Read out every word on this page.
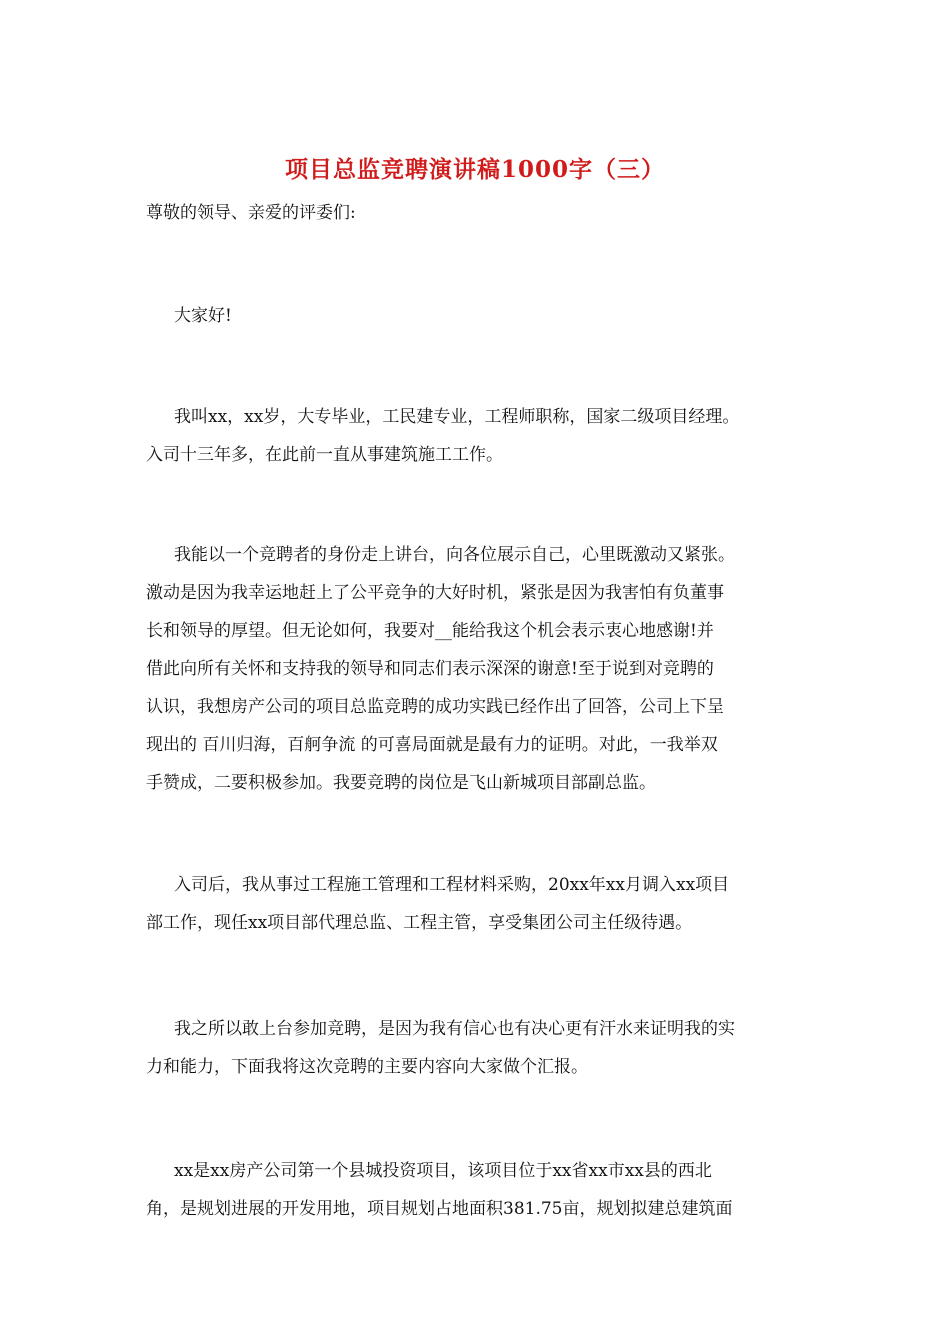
项目总监竞聘演讲稿1000字（三）
尊敬的领导、亲爱的评委们:
大家好!
我叫xx，xx岁，大专毕业，工民建专业，工程师职称，国家二级项目经理。
入司十三年多，在此前一直从事建筑施工工作。
我能以一个竞聘者的身份走上讲台，向各位展示自己，心里既激动又紧张。
激动是因为我幸运地赶上了公平竞争的大好时机，紧张是因为我害怕有负董事
长和领导的厚望。但无论如何，我要对__能给我这个机会表示衷心地感谢!并
借此向所有关怀和支持我的领导和同志们表示深深的谢意!至于说到对竞聘的
认识，我想房产公司的项目总监竞聘的成功实践已经作出了回答，公司上下呈
现出的 百川归海，百舸争流 的可喜局面就是最有力的证明。对此，一我举双
手赞成，二要积极参加。我要竞聘的岗位是飞山新城项目部副总监。
入司后，我从事过工程施工管理和工程材料采购，20xx年xx月调入xx项目
部工作，现任xx项目部代理总监、工程主管，享受集团公司主任级待遇。
我之所以敢上台参加竞聘，是因为我有信心也有决心更有汗水来证明我的实
力和能力，下面我将这次竞聘的主要内容向大家做个汇报。
xx是xx房产公司第一个县城投资项目，该项目位于xx省xx市xx县的西北
角，是规划进展的开发用地，项目规划占地面积381.75亩，规划拟建总建筑面
